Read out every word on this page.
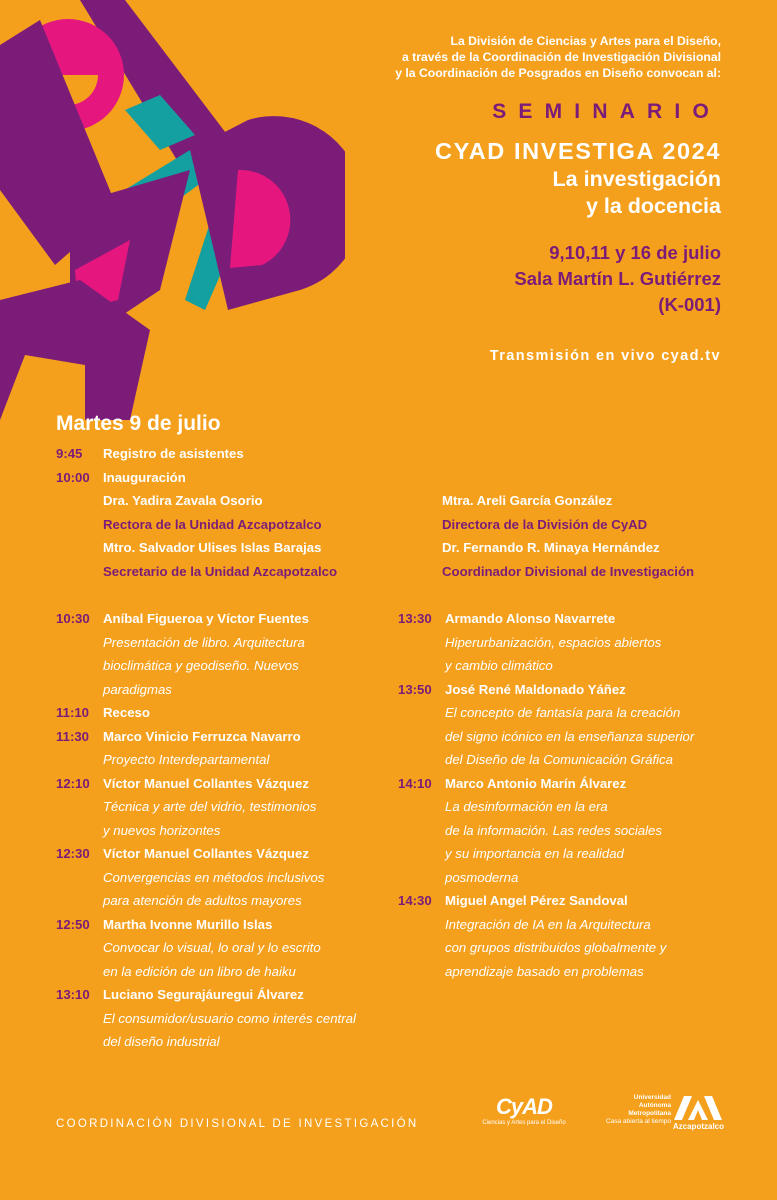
La División de Ciencias y Artes para el Diseño,
a través de la Coordinación de Investigación Divisional
y la Coordinación de Posgrados en Diseño convocan al:
SEMINARIO
CYAD INVESTIGA 2024
La investigación
y la docencia
9,10,11 y 16 de julio
Sala Martín L. Gutiérrez
(K-001)
Transmisión en vivo cyad.tv
Martes 9 de julio
9:45 Registro de asistentes
10:00 Inauguración
Dra. Yadira Zavala Osorio
Rectora de la Unidad Azcapotzalco
Mtro. Salvador Ulises Islas Barajas
Secretario de la Unidad Azcapotzalco
Mtra. Areli García González
Directora de la División de CyAD
Dr. Fernando R. Minaya Hernández
Coordinador Divisional de Investigación
10:30 Aníbal Figueroa y Víctor Fuentes
Presentación de libro. Arquitectura
bioclimática y geodiseño. Nuevos
paradigmas
11:10 Receso
11:30 Marco Vinicio Ferruzca Navarro
Proyecto Interdepartamental
12:10 Víctor Manuel Collantes Vázquez
Técnica y arte del vidrio, testimonios
y nuevos horizontes
12:30 Víctor Manuel Collantes Vázquez
Convergencias en métodos inclusivos
para atención de adultos mayores
12:50 Martha Ivonne Murillo Islas
Convocar lo visual, lo oral y lo escrito
en la edición de un libro de haiku
13:10 Luciano Segurajáuregui Álvarez
El consumidor/usuario como interés central
del diseño industrial
13:30 Armando Alonso Navarrete
Hiperurbanización, espacios abiertos
y cambio climático
13:50 José René Maldonado Yáñez
El concepto de fantasía para la creación
del signo icónico en la enseñanza superior
del Diseño de la Comunicación Gráfica
14:10 Marco Antonio Marín Álvarez
La desinformación en la era
de la información. Las redes sociales
y su importancia en la realidad
posmoderna
14:30 Miguel Angel Pérez Sandoval
Integración de IA en la Arquitectura
con grupos distribuidos globalmente y
aprendizaje basado en problemas
COORDINACIÓN DIVISIONAL DE INVESTIGACIÓN
CyAD
Ciencias y Artes para el Diseño
Universidad
Autónoma
Metropolitana
Casa abierta al tiempo
Azcapotzalco
